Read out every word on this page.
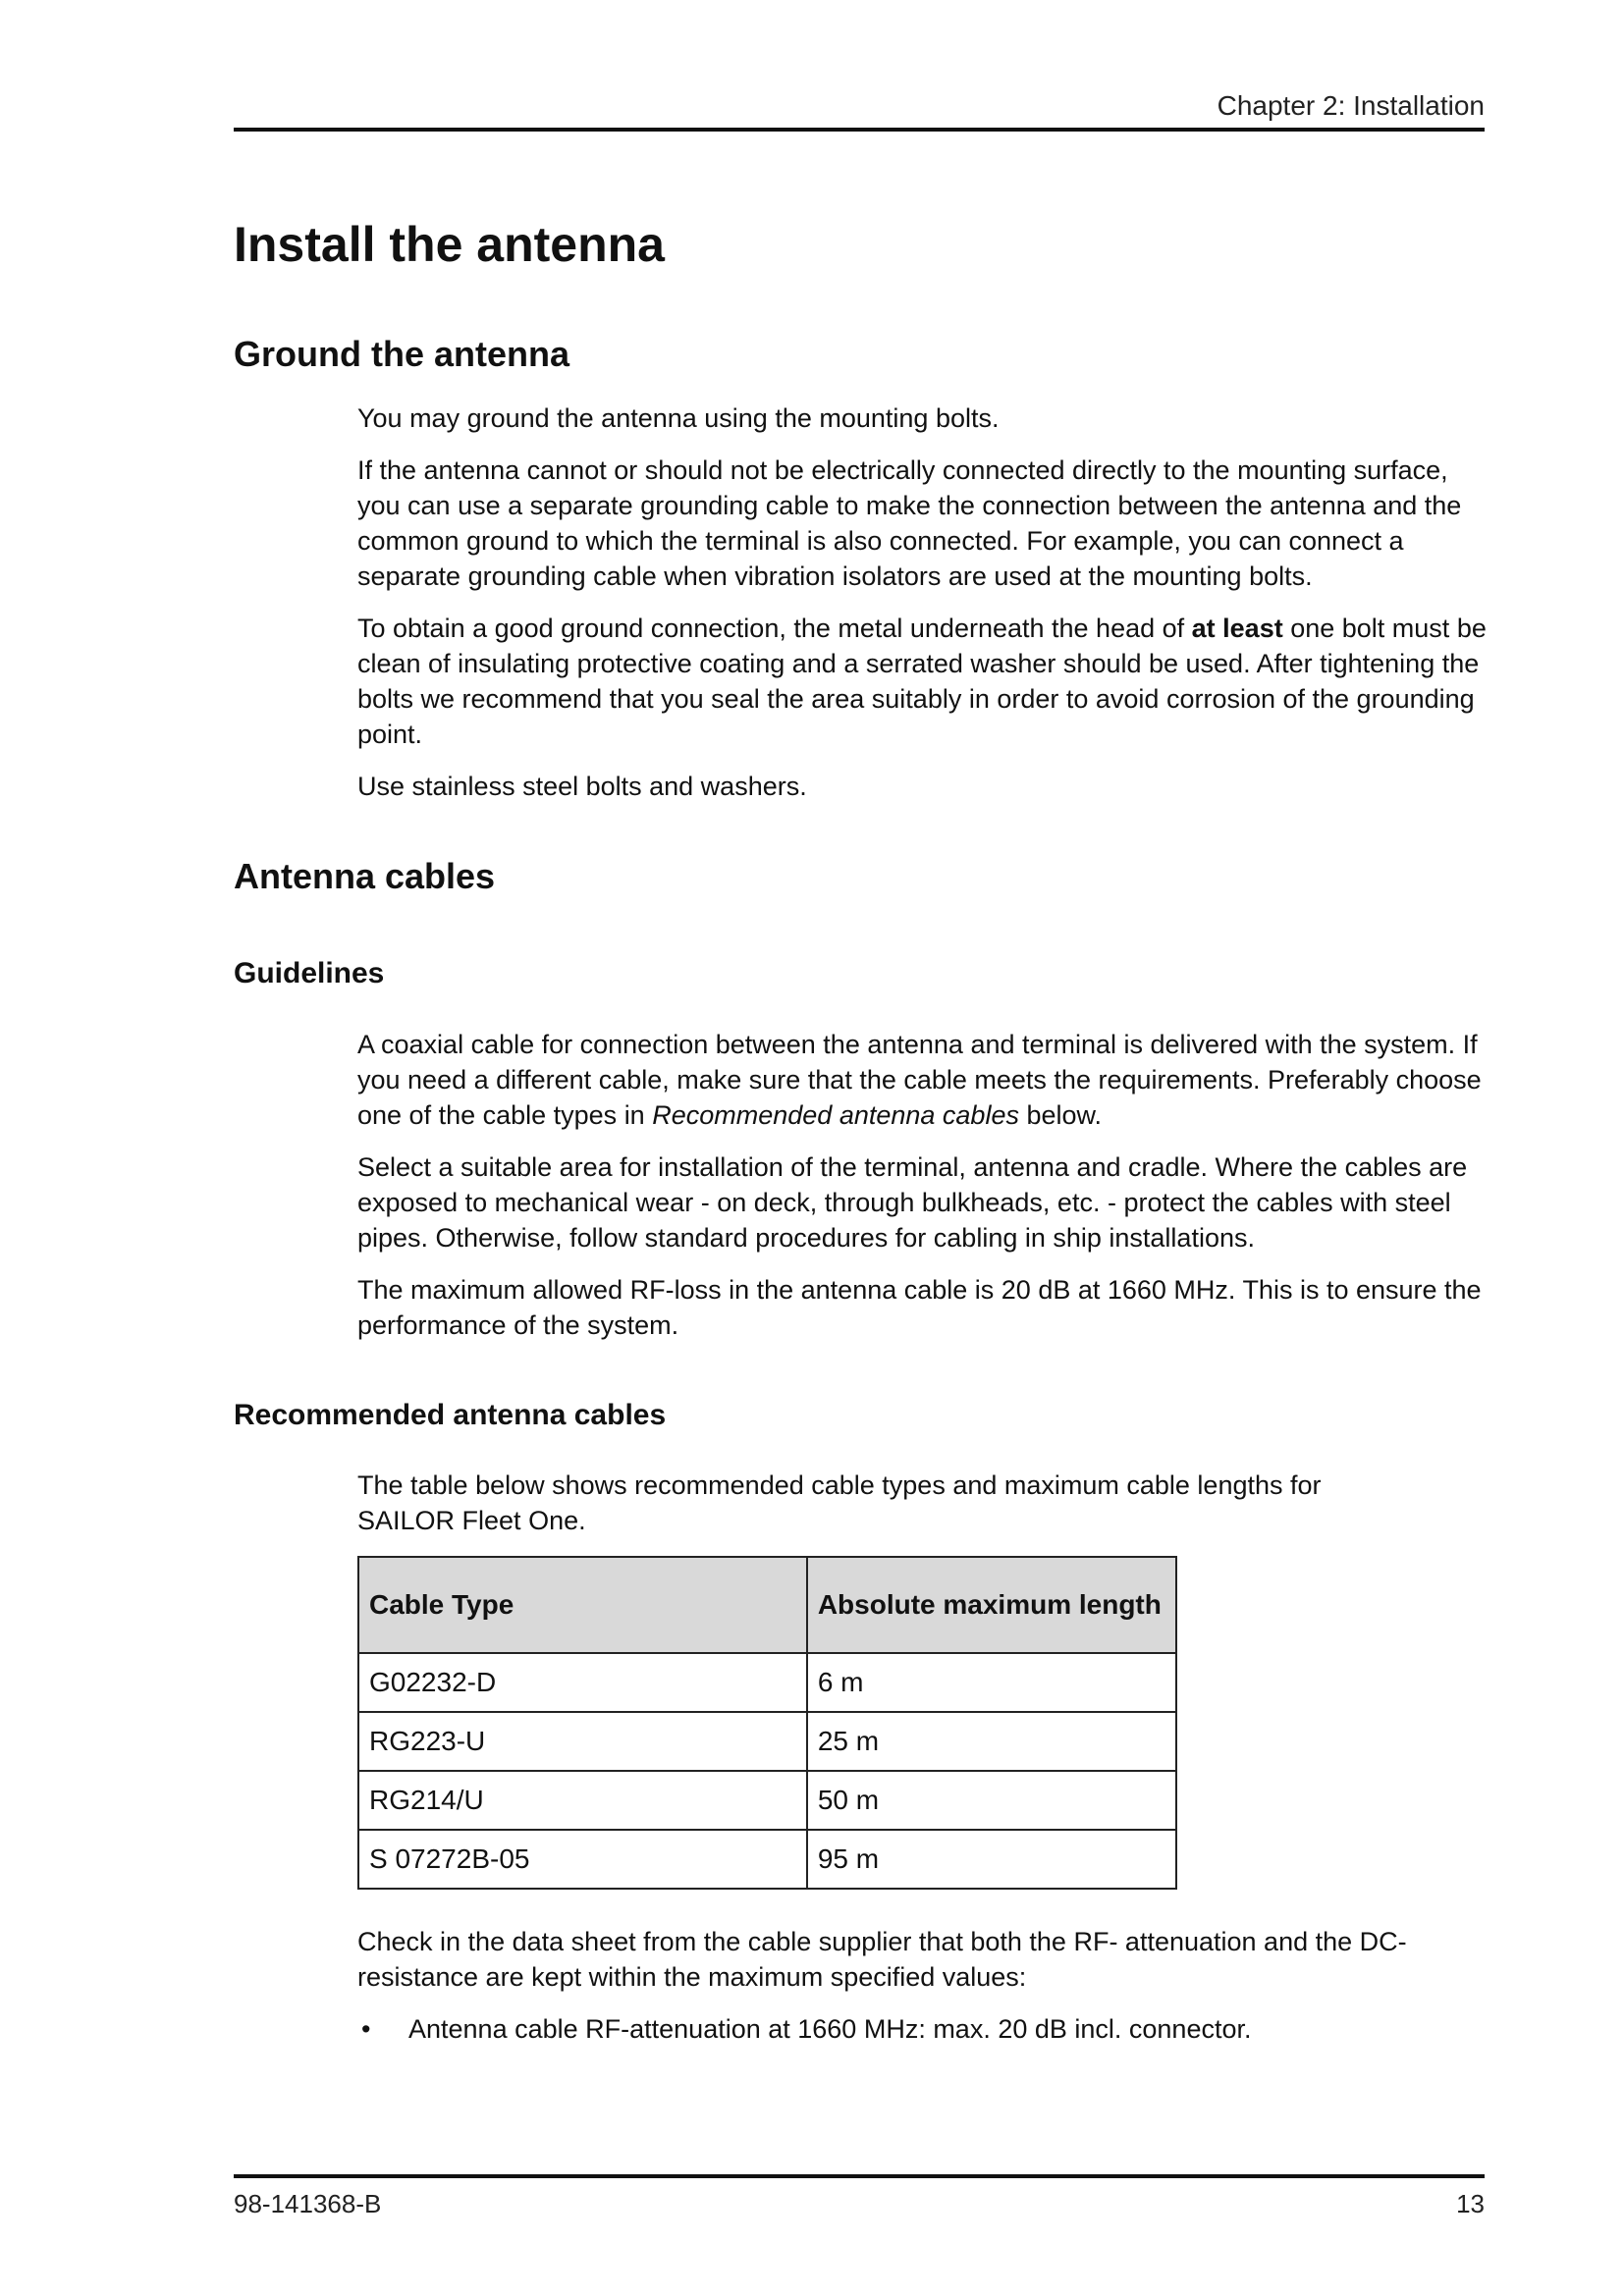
Chapter 2: Installation
Install the antenna
Ground the antenna

You may ground the antenna using the mounting bolts.

If the antenna cannot or should not be electrically connected directly to the mounting surface, you can use a separate grounding cable to make the connection between the antenna and the common ground to which the terminal is also connected. For example, you can connect a separate grounding cable when vibration isolators are used at the mounting bolts.

To obtain a good ground connection, the metal underneath the head of at least one bolt must be clean of insulating protective coating and a serrated washer should be used. After tightening the bolts we recommend that you seal the area suitably in order to avoid corrosion of the grounding point.

Use stainless steel bolts and washers.

Antenna cables
Guidelines

A coaxial cable for connection between the antenna and terminal is delivered with the system. If you need a different cable, make sure that the cable meets the requirements. Preferably choose one of the cable types in Recommended antenna cables below.

Select a suitable area for installation of the terminal, antenna and cradle. Where the cables are exposed to mechanical wear - on deck, through bulkheads, etc. - protect the cables with steel pipes. Otherwise, follow standard procedures for cabling in ship installations.

The maximum allowed RF-loss in the antenna cable is 20 dB at 1660 MHz. This is to ensure the performance of the system.

Recommended antenna cables

The table below shows recommended cable types and maximum cable lengths for SAILOR Fleet One.

Cable Type	Absolute maximum length
G02232-D	6 m
RG223-U	25 m
RG214/U	50 m
S 07272B-05	95 m

Check in the data sheet from the cable supplier that both the RF- attenuation and the DC-resistance are kept within the maximum specified values:

• Antenna cable RF-attenuation at 1660 MHz: max. 20 dB incl. connector.

98-141368-B	13
